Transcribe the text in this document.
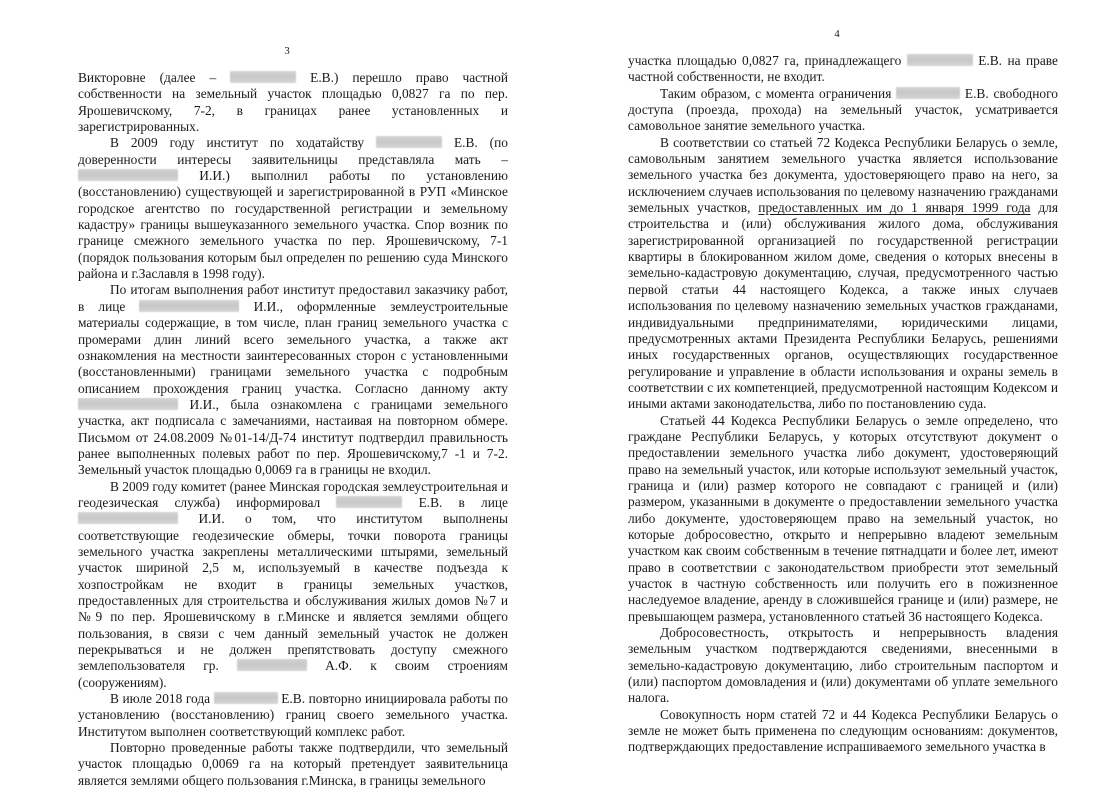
3

Викторовне (далее –	Е.В.) перешло право частной собственности на земельный участок площадью 0,0827 га по пер. Ярошевичскому, 7-2, в границах ранее установленных и зарегистрированных.

В 2009 году институт по ходатайству	Е.В. (по доверенности интересы заявительницы представляла мать –  И.И.) выполнил работы по установлению (восстановлению) существующей и зарегистрированной в РУП «Минское городское агентство по государственной регистрации и земельному кадастру» границы вышеуказанного земельного участка. Спор возник по границе смежного земельного участка по пер. Ярошевичскому, 7-1 (порядок пользования которым был определен по решению суда Минского района и г.Заславля в 1998 году).

По итогам выполнения работ институт предоставил заказчику работ, в лице	И.И., оформленные землеустроительные материалы содержащие, в том числе, план границ земельного участка с промерами длин линий всего земельного участка, а также акт ознакомления на местности заинтересованных сторон с установленными (восстановленными) границами земельного участка с подробным описанием прохождения границ участка. Согласно данному акту  И.И., была ознакомлена с границами земельного участка, акт подписала с замечаниями, настаивая на повторном обмере. Письмом от 24.08.2009 №01-14/Д-74 институт подтвердил правильность ранее выполненных полевых работ по пер. Ярошевичскому,7 -1 и 7-2. Земельный участок площадью 0,0069 га в границы не входил.

В 2009 году комитет (ранее Минская городская землеустроительная и геодезическая служба) информировал	Е.В. в лице  И.И. о том, что институтом выполнены соответствующие геодезические обмеры, точки поворота границы земельного участка закреплены металлическими штырями, земельный участок шириной 2,5 м, используемый в качестве подъезда к хозпостройкам не входит в границы земельных участков, предоставленных для строительства и обслуживания жилых домов №7 и №9 по пер. Ярошевичскому в г.Минске и является землями общего пользования, в связи с чем данный земельный участок не должен перекрываться и не должен препятствовать доступу смежного землепользователя гр.	А.Ф. к своим строениям (сооружениям).

В июле 2018 года	Е.В. повторно инициировала работы по установлению (восстановлению) границ своего земельного участка. Институтом выполнен соответствующий комплекс работ.

Повторно проведенные работы также подтвердили, что земельный участок площадью 0,0069 га на который претендует заявительница является землями общего пользования г.Минска, в границы земельного

4

участка площадью 0,0827 га, принадлежащего	Е.В. на праве частной собственности, не входит.

Таким образом, с момента ограничения	Е.В. свободного доступа (проезда, прохода) на земельный участок, усматривается самовольное занятие земельного участка.

В соответствии со статьей 72 Кодекса Республики Беларусь о земле, самовольным занятием земельного участка является использование земельного участка без документа, удостоверяющего право на него, за исключением случаев использования по целевому назначению гражданами земельных участков, предоставленных им до 1 января 1999 года для строительства и (или) обслуживания жилого дома, обслуживания зарегистрированной организацией по государственной регистрации квартиры в блокированном жилом доме, сведения о которых внесены в земельно-кадастровую документацию, случая, предусмотренного частью первой статьи 44 настоящего Кодекса, а также иных случаев использования по целевому назначению земельных участков гражданами, индивидуальными предпринимателями, юридическими лицами, предусмотренных актами Президента Республики Беларусь, решениями иных государственных органов, осуществляющих государственное регулирование и управление в области использования и охраны земель в соответствии с их компетенцией, предусмотренной настоящим Кодексом и иными актами законодательства, либо по постановлению суда.

Статьей 44 Кодекса Республики Беларусь о земле определено, что граждане Республики Беларусь, у которых отсутствуют документ о предоставлении земельного участка либо документ, удостоверяющий право на земельный участок, или которые используют земельный участок, граница и (или) размер которого не совпадают с границей и (или) размером, указанными в документе о предоставлении земельного участка либо документе, удостоверяющем право на земельный участок, но которые добросовестно, открыто и непрерывно владеют земельным участком как своим собственным в течение пятнадцати и более лет, имеют право в соответствии с законодательством приобрести этот земельный участок в частную собственность или получить его в пожизненное наследуемое владение, аренду в сложившейся границе и (или) размере, не превышающем размера, установленного статьей 36 настоящего Кодекса.

Добросовестность, открытость и непрерывность владения земельным участком подтверждаются сведениями, внесенными в земельно-кадастровую документацию, либо строительным паспортом и (или) паспортом домовладения и (или) документами об уплате земельного налога.

Совокупность норм статей 72 и 44 Кодекса Республики Беларусь о земле не может быть применена по следующим основаниям: документов, подтверждающих предоставление испрашиваемого земельного участка в
